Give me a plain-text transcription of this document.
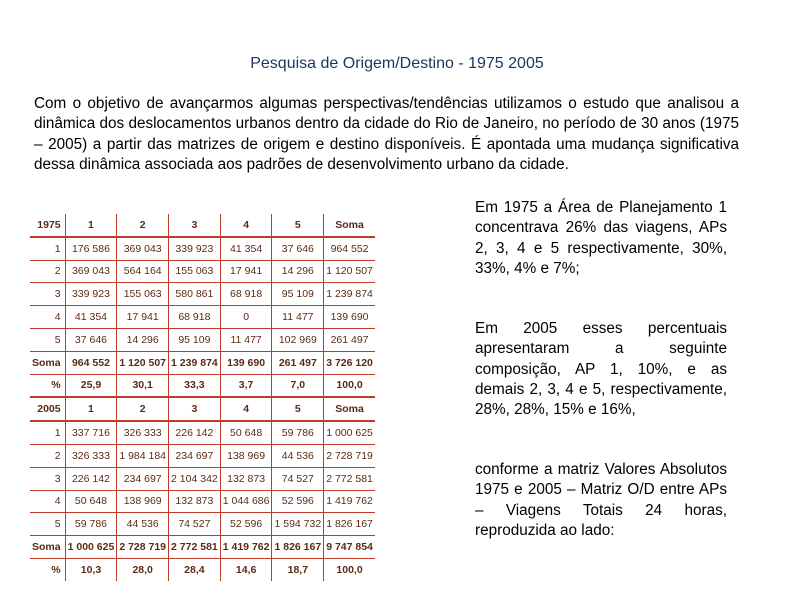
Pesquisa de Origem/Destino - 1975 2005
Com o objetivo de avançarmos algumas perspectivas/tendências utilizamos o estudo que analisou a dinâmica dos deslocamentos urbanos dentro da cidade do Rio de Janeiro, no período de 30 anos (1975 – 2005) a partir das matrizes de origem e destino disponíveis. É apontada uma mudança significativa dessa dinâmica associada aos padrões de desenvolvimento urbano da cidade.
1975	1	2	3	4	5	Soma
1	176 586	369 043	339 923	41 354	37 646	964 552
2	369 043	564 164	155 063	17 941	14 296	1 120 507
3	339 923	155 063	580 861	68 918	95 109	1 239 874
4	41 354	17 941	68 918	0	11 477	139 690
5	37 646	14 296	95 109	11 477	102 969	261 497
Soma	964 552	1 120 507	1 239 874	139 690	261 497	3 726 120
%	25,9	30,1	33,3	3,7	7,0	100,0
2005	1	2	3	4	5	Soma
1	337 716	326 333	226 142	50 648	59 786	1 000 625
2	326 333	1 984 184	234 697	138 969	44 536	2 728 719
3	226 142	234 697	2 104 342	132 873	74 527	2 772 581
4	50 648	138 969	132 873	1 044 686	52 596	1 419 762
5	59 786	44 536	74 527	52 596	1 594 732	1 826 167
Soma	1 000 625	2 728 719	2 772 581	1 419 762	1 826 167	9 747 854
%	10,3	28,0	28,4	14,6	18,7	100,0
Em 1975 a Área de Planejamento 1 concentrava 26% das viagens, APs 2, 3, 4 e 5 respectivamente, 30%, 33%, 4% e 7%;
Em 2005 esses percentuais apresentaram a seguinte composição, AP 1, 10%, e as demais 2, 3, 4 e 5, respectivamente, 28%, 28%, 15% e 16%,
conforme a matriz Valores Absolutos 1975 e 2005 – Matriz O/D entre APs – Viagens Totais 24 horas, reproduzida ao lado:
